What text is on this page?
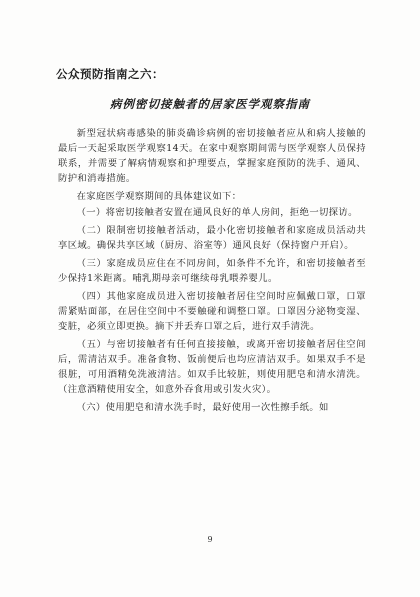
公众预防指南之六：
病例密切接触者的居家医学观察指南

新型冠状病毒感染的肺炎确诊病例的密切接触者应从和病人接触的最后一天起采取医学观察14天。在家中观察期间需与医学观察人员保持联系，并需要了解病情观察和护理要点，掌握家庭预防的洗手、通风、防护和消毒措施。

在家庭医学观察期间的具体建议如下：

（一）将密切接触者安置在通风良好的单人房间，拒绝一切探访。

（二）限制密切接触者活动，最小化密切接触者和家庭成员活动共享区域。确保共享区域（厨房、浴室等）通风良好（保持窗户开启）。

（三）家庭成员应住在不同房间，如条件不允许，和密切接触者至少保持1米距离。哺乳期母亲可继续母乳喂养婴儿。

（四）其他家庭成员进入密切接触者居住空间时应佩戴口罩，口罩需紧贴面部，在居住空间中不要触碰和调整口罩。口罩因分泌物变湿、变脏，必须立即更换。摘下并丢弃口罩之后，进行双手清洗。

（五）与密切接触者有任何直接接触，或离开密切接触者居住空间后，需清洁双手。准备食物、饭前便后也均应清洁双手。如果双手不是很脏，可用酒精免洗液清洁。如双手比较脏，则使用肥皂和清水清洗。（注意酒精使用安全，如意外吞食用或引发火灾）。

（六）使用肥皂和清水洗手时，最好使用一次性擦手纸。如

9
